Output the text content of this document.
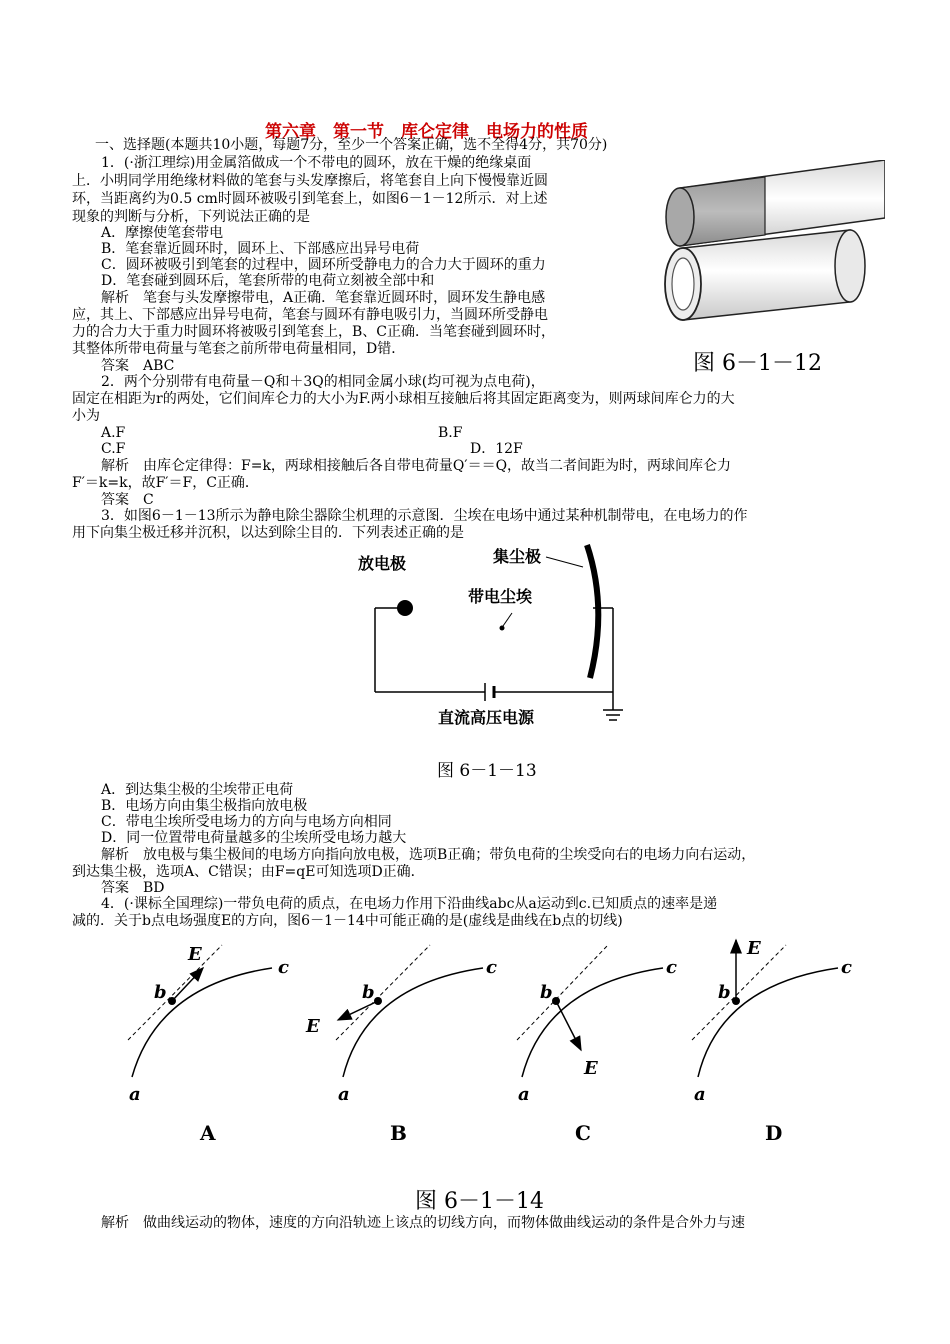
第六章　第一节　库仑定律　电场力的性质
一、选择题(本题共10小题，每题7分，至少一个答案正确，选不全得4分，共70分)
1．(·浙江理综)用金属箔做成一个不带电的圆环，放在干燥的绝缘桌面
上．小明同学用绝缘材料做的笔套与头发摩擦后，将笔套自上向下慢慢靠近圆
环，当距离约为0.5 cm时圆环被吸引到笔套上，如图6－1－12所示．对上述
现象的判断与分析，下列说法正确的是
A．摩擦使笔套带电
B．笔套靠近圆环时，圆环上、下部感应出异号电荷
C．圆环被吸引到笔套的过程中，圆环所受静电力的合力大于圆环的重力
D．笔套碰到圆环后，笔套所带的电荷立刻被全部中和
解析　笔套与头发摩擦带电，A正确．笔套靠近圆环时，圆环发生静电感
应，其上、下部感应出异号电荷，笔套与圆环有静电吸引力，当圆环所受静电
力的合力大于重力时圆环将被吸引到笔套上，B、C正确．当笔套碰到圆环时，
其整体所带电荷量与笔套之前所带电荷量相同，D错．
答案　ABC
2．两个分别带有电荷量－Q和＋3Q的相同金属小球(均可视为点电荷)，
固定在相距为r的两处，它们间库仑力的大小为F.两小球相互接触后将其固定距离变为，则两球间库仑力的大
小为
A.F	B.F
C.F	D．12F
解析　由库仑定律得：F=k，两球相接触后各自带电荷量Q′＝＝Q，故当二者间距为时，两球间库仑力
F′＝k=k，故F′＝F，C正确．
答案　C
3．如图6－1－13所示为静电除尘器除尘机理的示意图．尘埃在电场中通过某种机制带电，在电场力的作
用下向集尘极迁移并沉积，以达到除尘目的．下列表述正确的是
A．到达集尘极的尘埃带正电荷
B．电场方向由集尘极指向放电极
C．带电尘埃所受电场力的方向与电场方向相同
D．同一位置带电荷量越多的尘埃所受电场力越大
解析　放电极与集尘极间的电场方向指向放电极，选项B正确；带负电荷的尘埃受向右的电场力向右运动，
到达集尘极，选项A、C错误；由F=qE可知选项D正确．
答案　BD
4．(·课标全国理综)一带负电荷的质点，在电场力作用下沿曲线abc从a运动到c.已知质点的速率是递
减的．关于b点电场强度E的方向，图6－1－14中可能正确的是(虚线是曲线在b点的切线)
解析　做曲线运动的物体，速度的方向沿轨迹上该点的切线方向，而物体做曲线运动的条件是合外力与速
图 6－1－12
放电极	集尘极
带电尘埃
直流高压电源
图 6－1－13
a
b
c
E
A
a
b
c
E
B
a
b
c
E
C
a
b
c
E
D
图 6－1－14
